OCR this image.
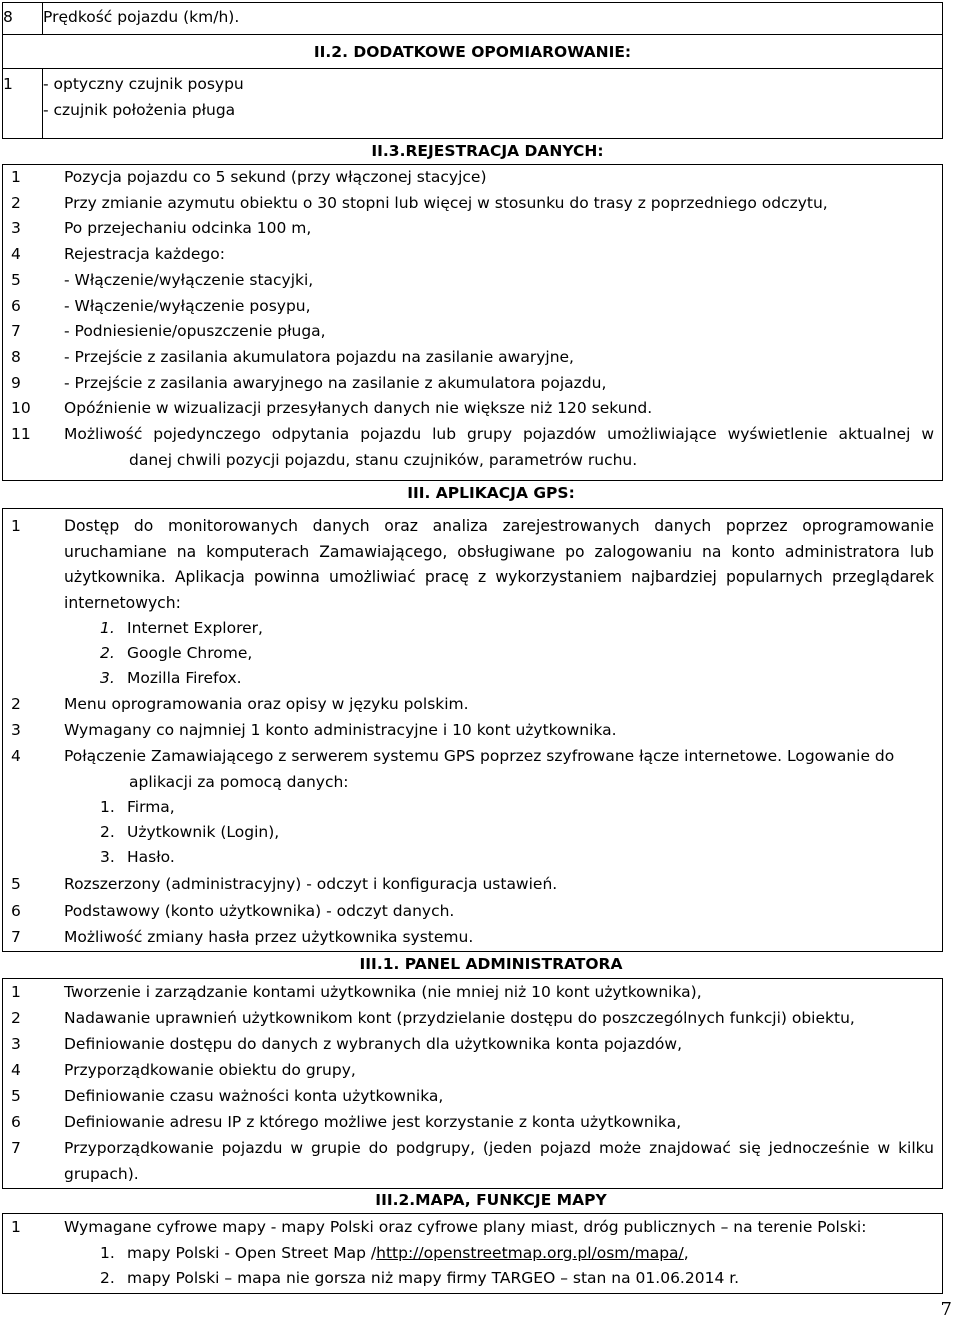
8	Prędkość pojazdu (km/h).
II.2. DODATKOWE OPOMIAROWANIE:	
1	- optyczny czujnik posypu
- czujnik położenia pługa
II.3.REJESTRACJA DANYCH:
1	Pozycja pojazdu co 5 sekund (przy włączonej stacyjce)
2	Przy zmianie azymutu obiektu o 30 stopni lub więcej w stosunku do trasy z poprzedniego odczytu,
3	Po przejechaniu odcinka 100 m,
4	Rejestracja każdego:
5	- Włączenie/wyłączenie stacyjki,
6	- Włączenie/wyłączenie posypu,
7	- Podniesienie/opuszczenie pługa,
8	- Przejście z zasilania akumulatora pojazdu na zasilanie awaryjne,
9	- Przejście z zasilania awaryjnego na zasilanie z akumulatora pojazdu,
10	Opóźnienie w wizualizacji przesyłanych danych nie większe niż 120 sekund.
11	Możliwość pojedynczego odpytania pojazdu lub grupy pojazdów umożliwiające wyświetlenie aktualnej w
danej chwili pozycji pojazdu, stanu czujników, parametrów ruchu.
III. APLIKACJA GPS:
1	Dostęp do monitorowanych danych oraz analiza zarejestrowanych danych poprzez oprogramowanie uruchamiane na komputerach Zamawiającego, obsługiwane po zalogowaniu na konto administratora lub użytkownika. Aplikacja powinna umożliwiać pracę z wykorzystaniem najbardziej popularnych przeglądarek internetowych:
1. Internet Explorer,
2. Google Chrome,
3. Mozilla Firefox.
2	Menu oprogramowania oraz opisy w języku polskim.
3	Wymagany co najmniej 1 konto administracyjne i 10 kont użytkownika.
4	Połączenie Zamawiającego z serwerem systemu GPS poprzez szyfrowane łącze internetowe. Logowanie do
aplikacji za pomocą danych:
1. Firma,
2. Użytkownik (Login),
3. Hasło.
5	Rozszerzony (administracyjny) - odczyt i konfiguracja ustawień.
6	Podstawowy (konto użytkownika) - odczyt danych.
7	Możliwość zmiany hasła przez użytkownika systemu.
III.1. PANEL ADMINISTRATORA
1	Tworzenie i zarządzanie kontami użytkownika (nie mniej niż 10 kont użytkownika),
2	Nadawanie uprawnień użytkownikom kont (przydzielanie dostępu do poszczególnych funkcji) obiektu,
3	Definiowanie dostępu do danych z wybranych dla użytkownika konta pojazdów,
4	Przyporządkowanie obiektu do grupy,
5	Definiowanie czasu ważności konta użytkownika,
6	Definiowanie adresu IP z którego możliwe jest korzystanie z konta użytkownika,
7	Przyporządkowanie pojazdu w grupie do podgrupy, (jeden pojazd może znajdować się jednocześnie w kilku grupach).
III.2.MAPA, FUNKCJE MAPY
1	Wymagane cyfrowe mapy - mapy Polski oraz cyfrowe plany miast, dróg publicznych – na terenie Polski:
1. mapy Polski - Open Street Map /http://openstreetmap.org.pl/osm/mapa/,
2. mapy Polski – mapa nie gorsza niż mapy firmy TARGEO – stan na 01.06.2014 r.
7
